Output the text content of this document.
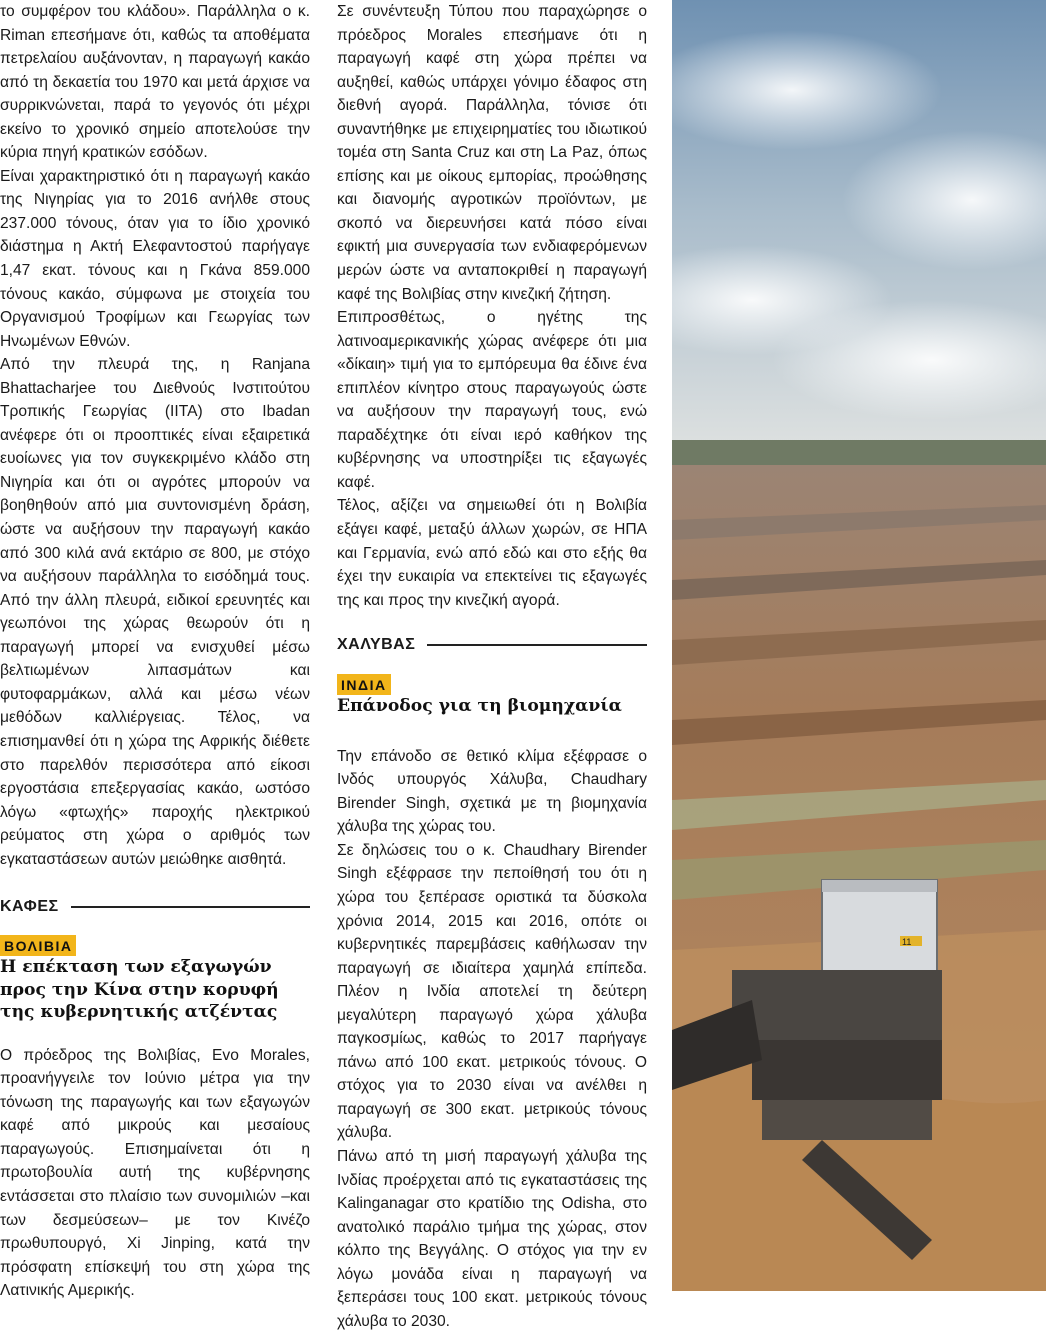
το συμφέρον του κλάδου». Παράλληλα ο κ. Riman επεσήμανε ότι, καθώς τα αποθέματα πετρελαίου αυξάνονταν, η παραγωγή κακάο από τη δεκαετία του 1970 και μετά άρχισε να συρρικνώνεται, παρά το γεγονός ότι μέχρι εκείνο το χρονικό σημείο αποτελούσε την κύρια πηγή κρατικών εσόδων.

Είναι χαρακτηριστικό ότι η παραγωγή κακάο της Νιγηρίας για το 2016 ανήλθε στους 237.000 τόνους, όταν για το ίδιο χρονικό διάστημα η Ακτή Ελεφαντοστού παρήγαγε 1,47 εκατ. τόνους και η Γκάνα 859.000 τόνους κακάο, σύμφωνα με στοιχεία του Οργανισμού Τροφίμων και Γεωργίας των Ηνωμένων Εθνών.

Από την πλευρά της, η Ranjana Bhattacharjee του Διεθνούς Ινστιτούτου Τροπικής Γεωργίας (IITA) στο Ibadan ανέφερε ότι οι προοπτικές είναι εξαιρετικά ευοίωνες για τον συγκεκριμένο κλάδο στη Νιγηρία και ότι οι αγρότες μπορούν να βοηθηθούν από μια συντονισμένη δράση, ώστε να αυξήσουν την παραγωγή κακάο από 300 κιλά ανά εκτάριο σε 800, με στόχο να αυξήσουν παράλληλα το εισόδημά τους. Από την άλλη πλευρά, ειδικοί ερευνητές και γεωπόνοι της χώρας θεωρούν ότι η παραγωγή μπορεί να ενισχυθεί μέσω βελτιωμένων λιπασμάτων και φυτοφαρμάκων, αλλά και μέσω νέων μεθόδων καλλιέργειας. Τέλος, να επισημανθεί ότι η χώρα της Αφρικής διέθετε στο παρελθόν περισσότερα από είκοσι εργοστάσια επεξεργασίας κακάο, ωστόσο λόγω «φτωχής» παροχής ηλεκτρικού ρεύματος στη χώρα ο αριθμός των εγκαταστάσεων αυτών μειώθηκε αισθητά.

ΚΑΦΕΣ
ΒΟΛΙΒΙΑ
Η επέκταση των εξαγωγών προς την Κίνα στην κορυφή της κυβερνητικής ατζέντας

Ο πρόεδρος της Βολιβίας, Evo Morales, προανήγγειλε τον Ιούνιο μέτρα για την τόνωση της παραγωγής και των εξαγωγών καφέ από μικρούς και μεσαίους παραγωγούς. Επισημαίνεται ότι η πρωτοβουλία αυτή της κυβέρνησης εντάσσεται στο πλαίσιο των συνομιλιών –και των δεσμεύσεων– με τον Κινέζο πρωθυπουργό, Xi Jinping, κατά την πρόσφατη επίσκεψή του στη χώρα της Λατινικής Αμερικής.

Σε συνέντευξη Τύπου που παραχώρησε ο πρόεδρος Morales επεσήμανε ότι η παραγωγή καφέ στη χώρα πρέπει να αυξηθεί, καθώς υπάρχει γόνιμο έδαφος στη διεθνή αγορά. Παράλληλα, τόνισε ότι συναντήθηκε με επιχειρηματίες του ιδιωτικού τομέα στη Santa Cruz και στη La Paz, όπως επίσης και με οίκους εμπορίας, προώθησης και διανομής αγροτικών προϊόντων, με σκοπό να διερευνήσει κατά πόσο είναι εφικτή μια συνεργασία των ενδιαφερόμενων μερών ώστε να ανταποκριθεί η παραγωγή καφέ της Βολιβίας στην κινεζική ζήτηση.

Επιπροσθέτως, ο ηγέτης της λατινοαμερικανικής χώρας ανέφερε ότι μια «δίκαιη» τιμή για το εμπόρευμα θα έδινε ένα επιπλέον κίνητρο στους παραγωγούς ώστε να αυξήσουν την παραγωγή τους, ενώ παραδέχτηκε ότι είναι ιερό καθήκον της κυβέρνησης να υποστηρίξει τις εξαγωγές καφέ.

Τέλος, αξίζει να σημειωθεί ότι η Βολιβία εξάγει καφέ, μεταξύ άλλων χωρών, σε ΗΠΑ και Γερμανία, ενώ από εδώ και στο εξής θα έχει την ευκαιρία να επεκτείνει τις εξαγωγές της και προς την κινεζική αγορά.

ΧΑΛΥΒΑΣ
ΙΝΔΙΑ
Επάνοδος για τη βιομηχανία

Την επάνοδο σε θετικό κλίμα εξέφρασε ο Ινδός υπουργός Χάλυβα, Chaudhary Birender Singh, σχετικά με τη βιομηχανία χάλυβα της χώρας του.

Σε δηλώσεις του ο κ. Chaudhary Birender Singh εξέφρασε την πεποίθησή του ότι η χώρα του ξεπέρασε οριστικά τα δύσκολα χρόνια 2014, 2015 και 2016, οπότε οι κυβερνητικές παρεμβάσεις καθήλωσαν την παραγωγή σε ιδιαίτερα χαμηλά επίπεδα. Πλέον η Ινδία αποτελεί τη δεύτερη μεγαλύτερη παραγωγό χώρα χάλυβα παγκοσμίως, καθώς το 2017 παρήγαγε πάνω από 100 εκατ. μετρικούς τόνους. Ο στόχος για το 2030 είναι να ανέλθει η παραγωγή σε 300 εκατ. μετρικούς τόνους χάλυβα.

Πάνω από τη μισή παραγωγή χάλυβα της Ινδίας προέρχεται από τις εγκαταστάσεις της Kalinganagar στο κρατίδιο της Odisha, στο ανατολικό παράλιο τμήμα της χώρας, στον κόλπο της Βεγγάλης. Ο στόχος για την εν λόγω μονάδα είναι η παραγωγή να ξεπεράσει τους 100 εκατ. μετρικούς τόνους χάλυβα το 2030.

11
